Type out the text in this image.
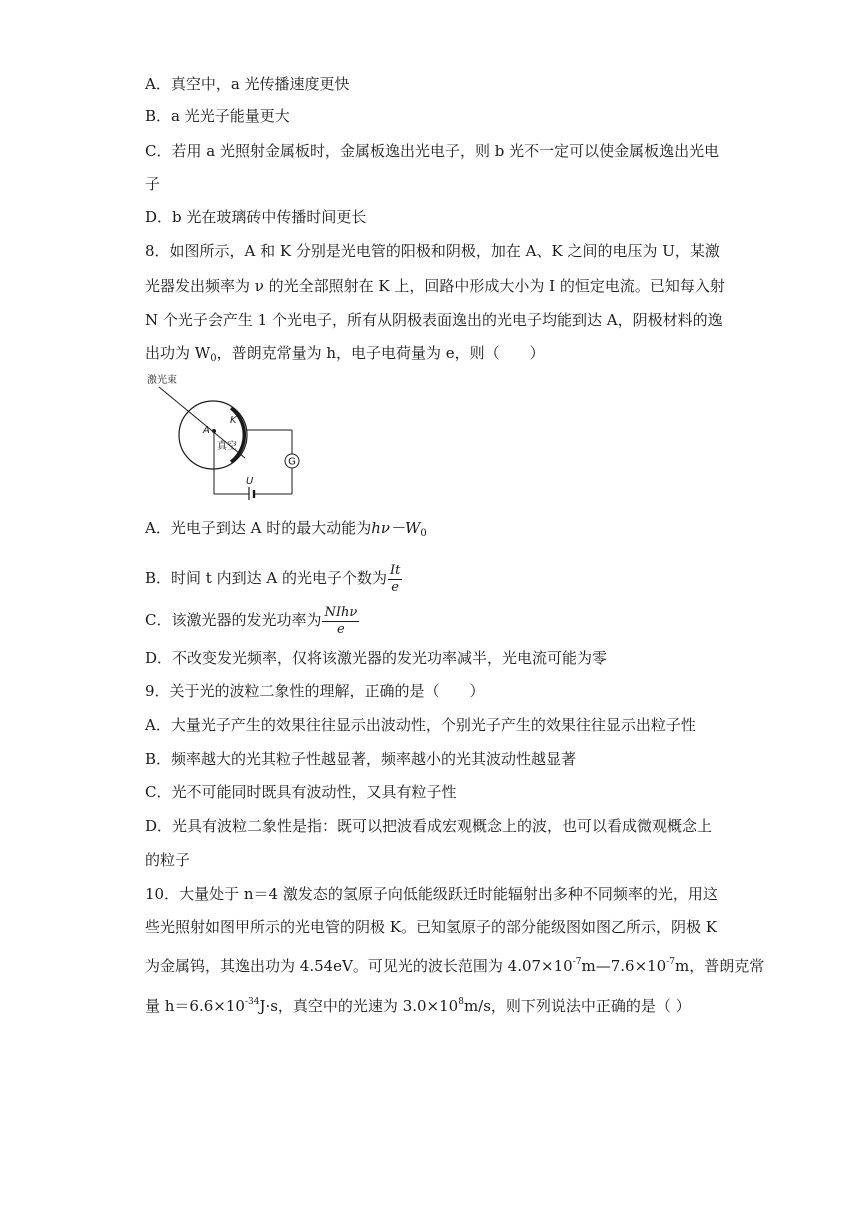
A．真空中，a 光传播速度更快
B．a 光光子能量更大
C．若用 a 光照射金属板时，金属板逸出光电子，则 b 光不一定可以使金属板逸出光电
子
D．b 光在玻璃砖中传播时间更长
8．如图所示，A 和 K 分别是光电管的阳极和阴极，加在 A、K 之间的电压为 U，某激
光器发出频率为 ν 的光全部照射在 K 上，回路中形成大小为 I 的恒定电流。已知每入射
N 个光子会产生 1 个光电子，所有从阴极表面逸出的光电子均能到达 A，阴极材料的逸
出功为 $W_0$，普朗克常量为 h，电子电荷量为 e，则（　　）
激光束
K
A
真空
G
U
A．光电子到达 A 时的最大动能为$h\nu-W_0$
B．时间 t 内到达 A 的光电子个数为 $\frac{It}{e}$
C．该激光器的发光功率为 $\frac{\text{NIhν}}{e}$
D．不改变发光频率，仅将该激光器的发光功率减半，光电流可能为零
9．关于光的波粒二象性的理解，正确的是（　　）
A．大量光子产生的效果往往显示出波动性，个别光子产生的效果往往显示出粒子性
B．频率越大的光其粒子性越显著，频率越小的光其波动性越显著
C．光不可能同时既具有波动性，又具有粒子性
D．光具有波粒二象性是指：既可以把波看成宏观概念上的波，也可以看成微观概念上
的粒子
10．大量处于 n＝4 激发态的氢原子向低能级跃迁时能辐射出多种不同频率的光，用这
些光照射如图甲所示的光电管的阴极 K。已知氢原子的部分能级图如图乙所示，阴极 K
为金属钨，其逸出功为 4.54eV。可见光的波长范围为 $4.07\times 10^{-7}m—7.6\times 10^{-7}m$，普朗克常
量 $h=6.6\times 10^{-34}J\cdot s$，真空中的光速为 $3.0\times 10^8m/s$，则下列说法中正确的是（ ）
